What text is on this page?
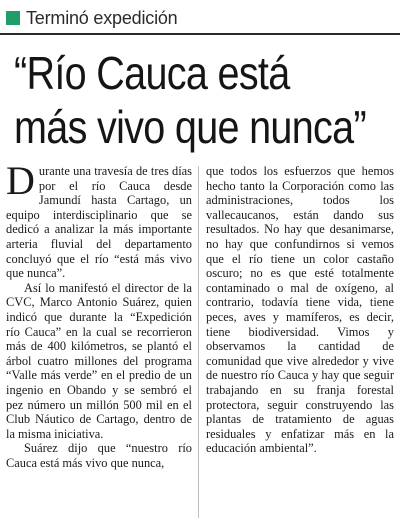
Terminó expedición
“Río Cauca está
más vivo que nunca”

Durante una travesía de tres días por el río Cauca desde Jamundí hasta Cartago, un equipo interdisciplinario que se dedicó a analizar la más importante arteria fluvial del departamento concluyó que el río “está más vivo que nunca”.

Así lo manifestó el director de la CVC, Marco Antonio Suárez, quien indicó que durante la “Expedición río Cauca” en la cual se recorrieron más de 400 kilómetros, se plantó el árbol cuatro millones del programa “Valle más verde” en el predio de un ingenio en Obando y se sembró el pez número un millón 500 mil en el Club Náutico de Cartago, dentro de la misma iniciativa.

Suárez dijo que “nuestro río Cauca está más vivo que nunca,

que todos los esfuerzos que hemos hecho tanto la Corporación como las administraciones, todos los vallecaucanos, están dando sus resultados. No hay que desanimarse, no hay que confundirnos si vemos que el río tiene un color castaño oscuro; no es que esté totalmente contaminado o mal de oxígeno, al contrario, todavía tiene vida, tiene peces, aves y mamíferos, es decir, tiene biodiversidad. Vimos y observamos la cantidad de comunidad que vive alrededor y vive de nuestro río Cauca y hay que seguir trabajando en su franja forestal protectora, seguir construyendo las plantas de tratamiento de aguas residuales y enfatizar más en la educación ambiental”.
